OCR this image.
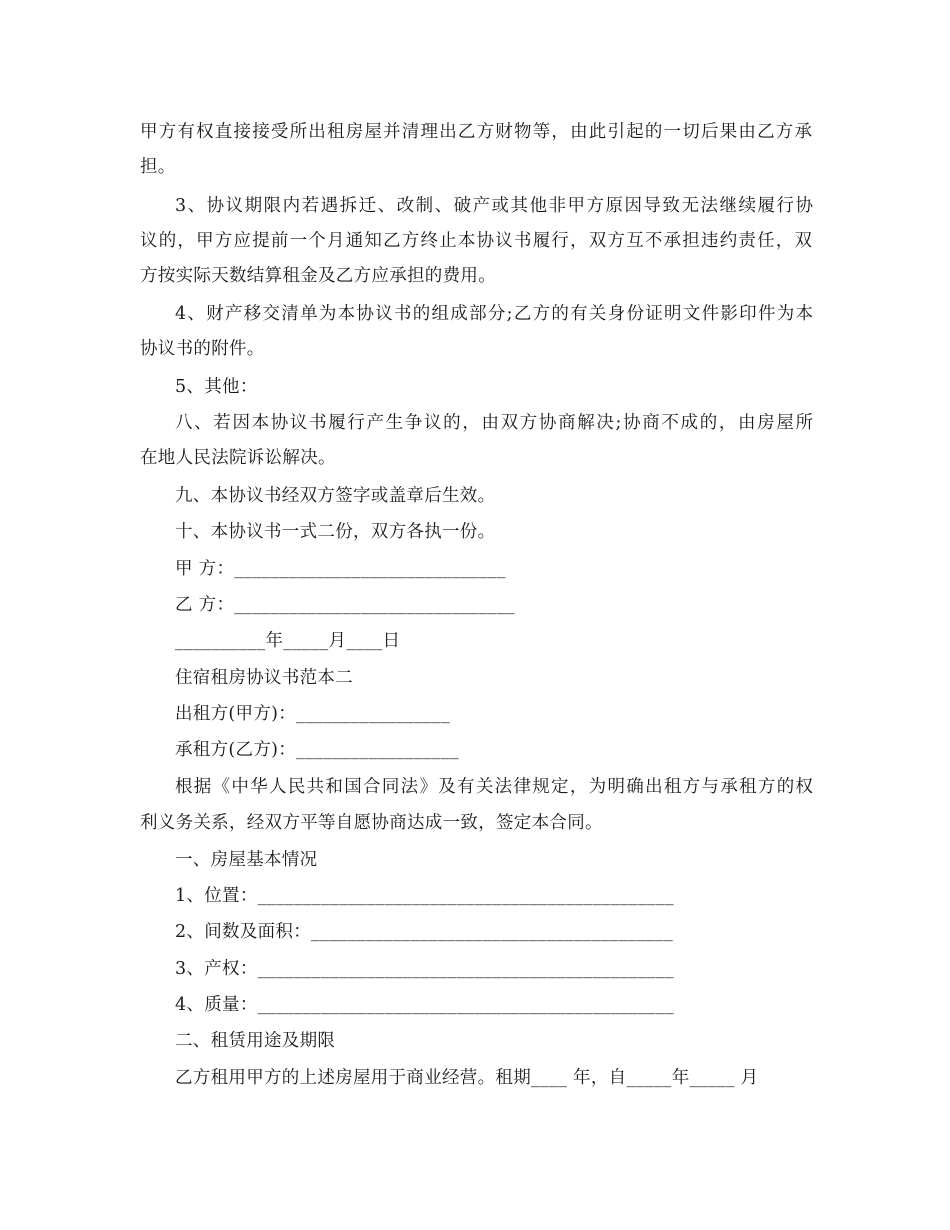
甲方有权直接接受所出租房屋并清理出乙方财物等，由此引起的一切后果由乙方承
担。
3、协议期限内若遇拆迁、改制、破产或其他非甲方原因导致无法继续履行协
议的，甲方应提前一个月通知乙方终止本协议书履行，双方互不承担违约责任，双
方按实际天数结算租金及乙方应承担的费用。
4、财产移交清单为本协议书的组成部分;乙方的有关身份证明文件影印件为本
协议书的附件。
5、其他：
八、若因本协议书履行产生争议的，由双方协商解决;协商不成的，由房屋所
在地人民法院诉讼解决。
九、本协议书经双方签字或盖章后生效。
十、本协议书一式二份，双方各执一份。
甲 方：______________________________
乙 方：_______________________________
__________年_____月____日
住宿租房协议书范本二
出租方(甲方)：_________________
承租方(乙方)：__________________
根据《中华人民共和国合同法》及有关法律规定，为明确出租方与承租方的权
利义务关系，经双方平等自愿协商达成一致，签定本合同。
一、房屋基本情况
1、位置：______________________________________________
2、间数及面积：________________________________________
3、产权：______________________________________________
4、质量：______________________________________________
二、租赁用途及期限
乙方租用甲方的上述房屋用于商业经营。租期____ 年，自_____年_____ 月
